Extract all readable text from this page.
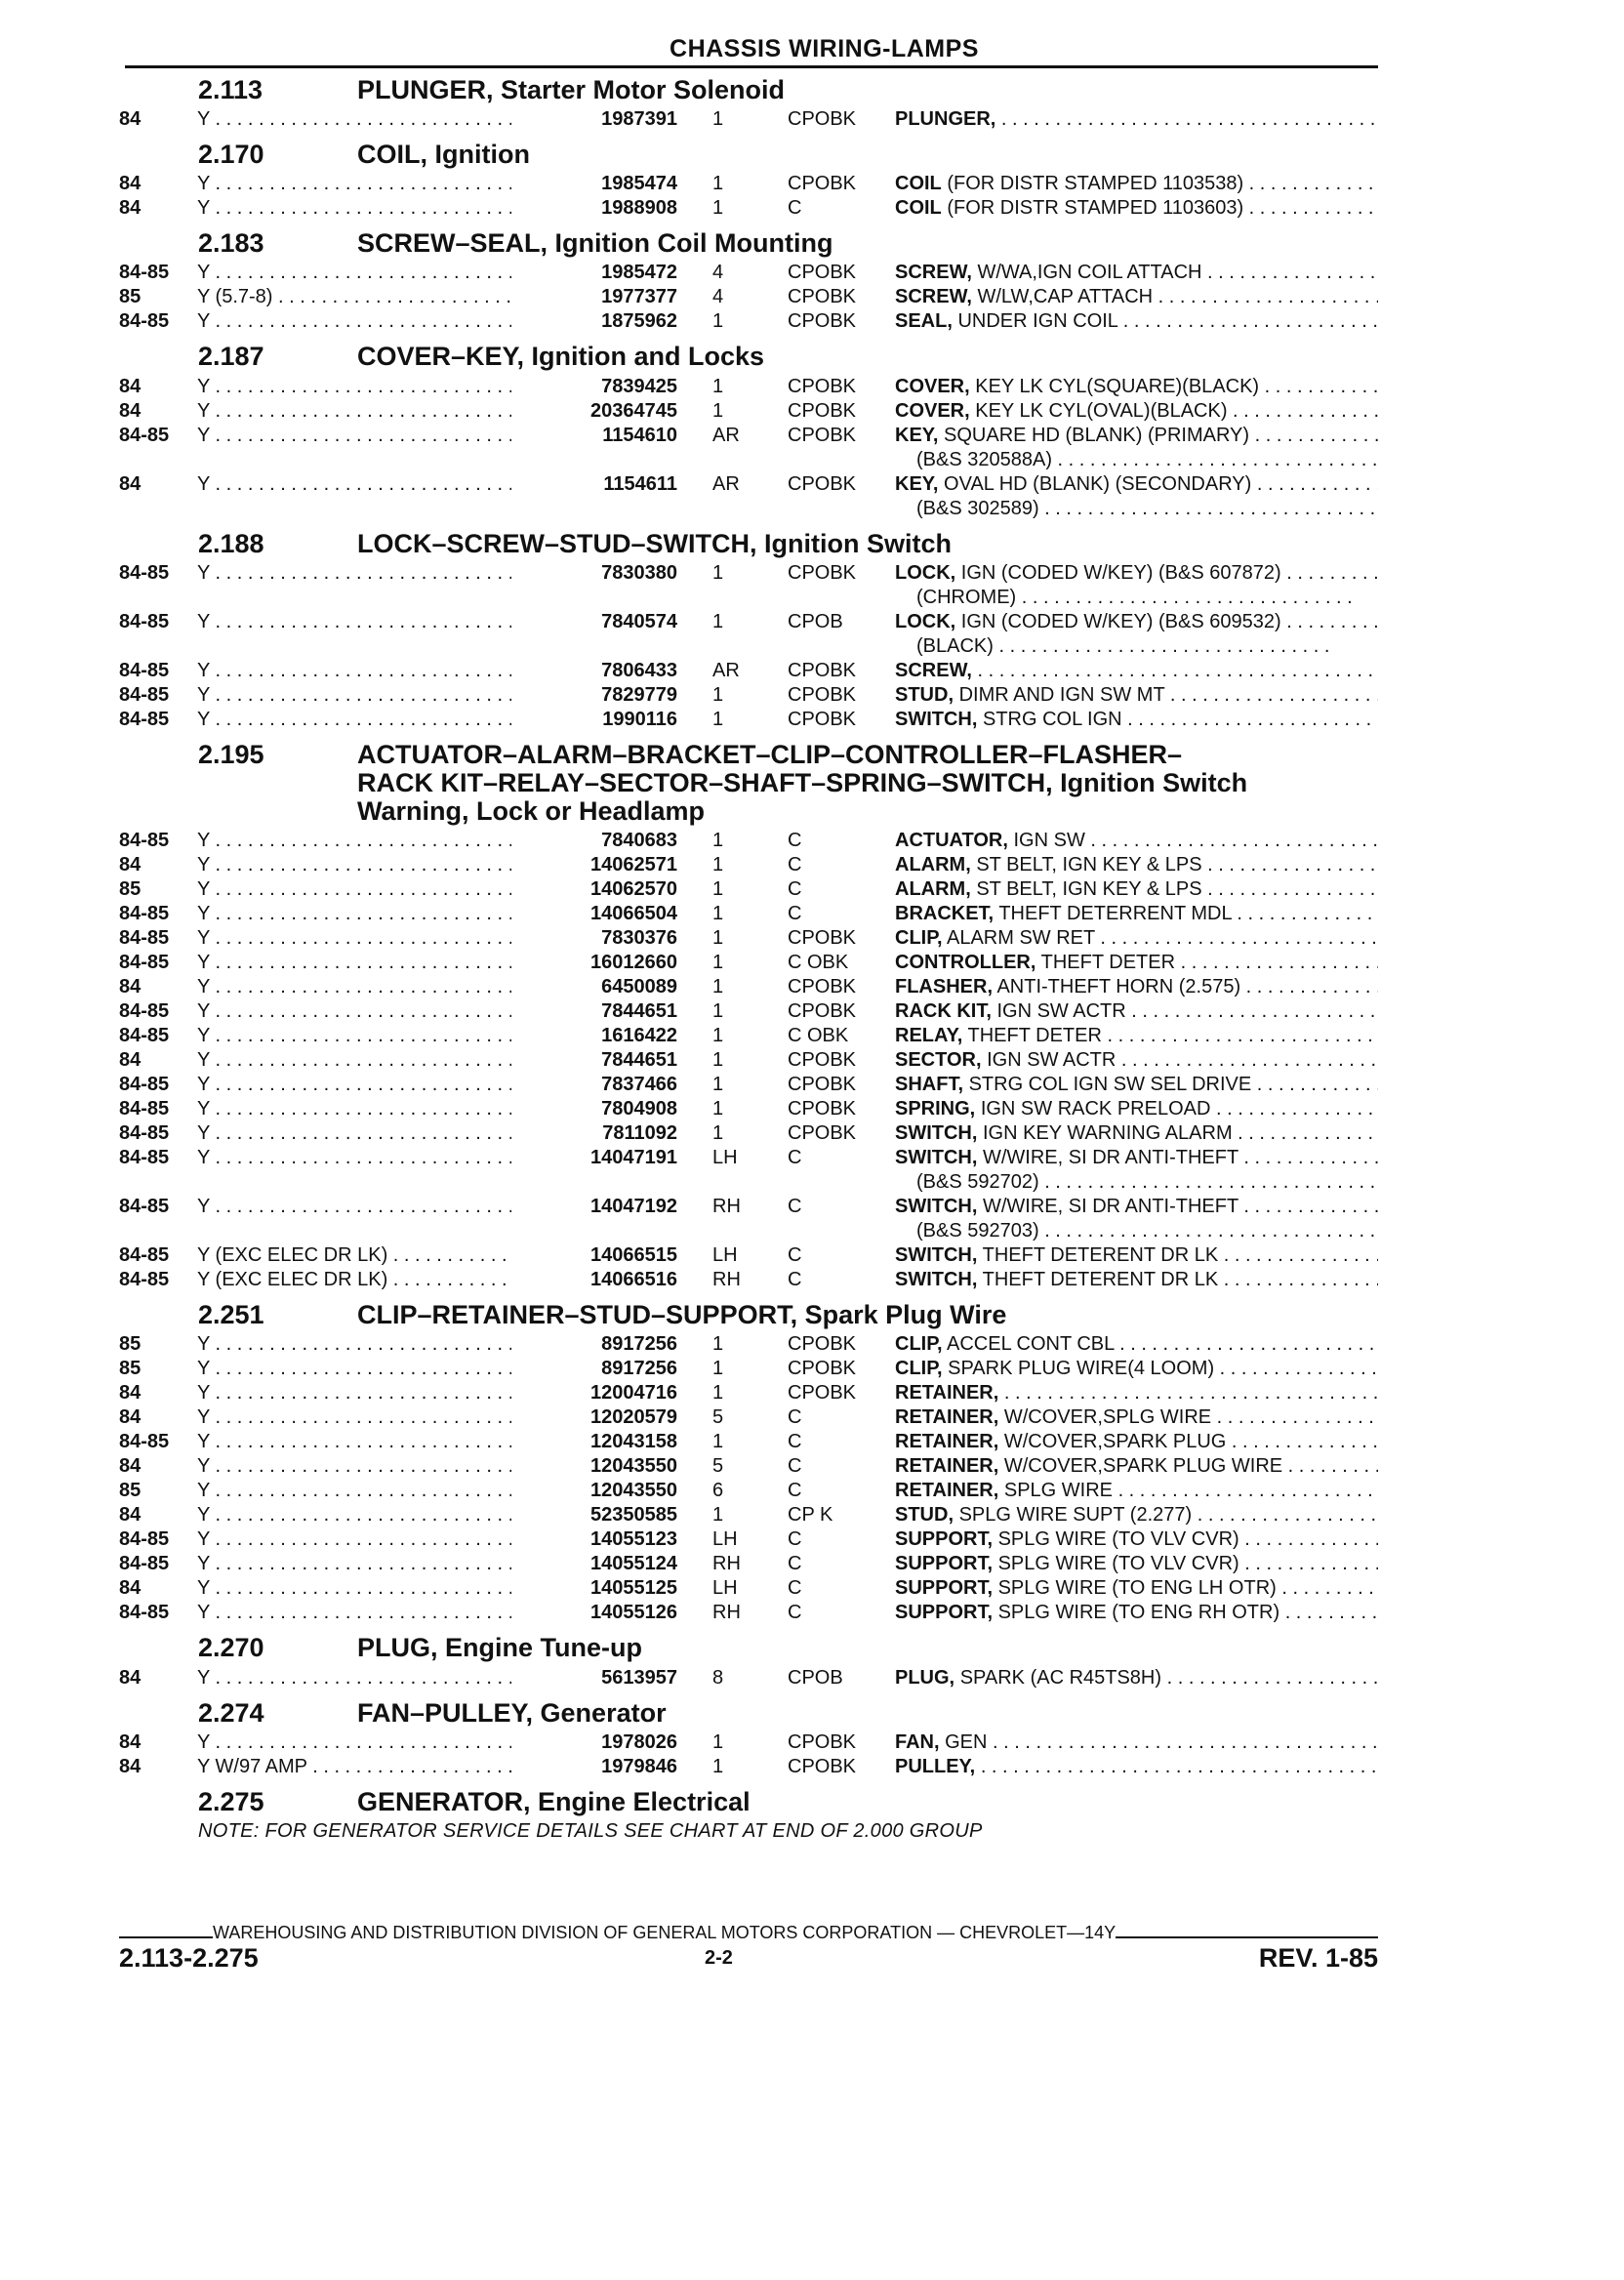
CHASSIS WIRING-LAMPS
2.113	PLUNGER, Starter Motor Solenoid
84	Y . . .	1987391 1	CPOBK	PLUNGER, . . .
2.170	COIL, Ignition
84	Y . . .	1985474 1	CPOBK	COIL (FOR DISTR STAMPED 1103538) . . .
84	Y . . .	1988908 1	C	COIL (FOR DISTR STAMPED 1103603) . . .
2.183	SCREW–SEAL, Ignition Coil Mounting
84-85	Y . . .	1985472 4	CPOBK	SCREW, W/WA,IGN COIL ATTACH . . .
85	Y (5.7-8) . . .	1977377 4	CPOBK	SCREW, W/LW,CAP ATTACH . . .
84-85	Y . . .	1875962 1	CPOBK	SEAL, UNDER IGN COIL . . .
2.187	COVER–KEY, Ignition and Locks
84	Y . . .	7839425 1	CPOBK	COVER, KEY LK CYL(SQUARE)(BLACK) . . .
84	Y . . .	20364745 1	CPOBK	COVER, KEY LK CYL(OVAL)(BLACK) . . .
84-85	Y . . .	1154610 AR	CPOBK	KEY, SQUARE HD (BLANK) (PRIMARY) . . .
(B&S 320588A) . . .
84	Y . . .	1154611 AR	CPOBK	KEY, OVAL HD (BLANK) (SECONDARY) . . .
(B&S 302589) . . .
2.188	LOCK–SCREW–STUD–SWITCH, Ignition Switch
84-85	Y . . .	7830380 1	CPOBK	LOCK, IGN (CODED W/KEY) (B&S 607872) . . .
(CHROME) . . .
84-85	Y . . .	7840574 1	CPOB	LOCK, IGN (CODED W/KEY) (B&S 609532) . . .
(BLACK) . . .
84-85	Y . . .	7806433 AR	CPOBK	SCREW, . . .
84-85	Y . . .	7829779 1	CPOBK	STUD, DIMR AND IGN SW MT . . .
84-85	Y . . .	1990116 1	CPOBK	SWITCH, STRG COL IGN . . .
2.195	ACTUATOR–ALARM–BRACKET–CLIP–CONTROLLER–FLASHER–
RACK KIT–RELAY–SECTOR–SHAFT–SPRING–SWITCH, Ignition Switch
Warning, Lock or Headlamp
84-85	Y . . .	7840683 1	C	ACTUATOR, IGN SW . . .
84	Y . . .	14062571 1	C	ALARM, ST BELT, IGN KEY & LPS . . .
85	Y . . .	14062570 1	C	ALARM, ST BELT, IGN KEY & LPS . . .
84-85	Y . . .	14066504 1	C	BRACKET, THEFT DETERRENT MDL . . .
84-85	Y . . .	7830376 1	CPOBK	CLIP, ALARM SW RET . . .
84-85	Y . . .	16012660 1	C OBK	CONTROLLER, THEFT DETER . . .
84	Y . . .	6450089 1	CPOBK	FLASHER, ANTI-THEFT HORN (2.575) . . .
84-85	Y . . .	7844651 1	CPOBK	RACK KIT, IGN SW ACTR . . .
84-85	Y . . .	1616422 1	C OBK	RELAY, THEFT DETER . . .
84	Y . . .	7844651 1	CPOBK	SECTOR, IGN SW ACTR . . .
84-85	Y . . .	7837466 1	CPOBK	SHAFT, STRG COL IGN SW SEL DRIVE . . .
84-85	Y . . .	7804908 1	CPOBK	SPRING, IGN SW RACK PRELOAD . . .
84-85	Y . . .	7811092 1	CPOBK	SWITCH, IGN KEY WARNING ALARM . . .
84-85	Y . . .	14047191 LH	C	SWITCH, W/WIRE, SI DR ANTI-THEFT . . .
(B&S 592702) . . .
84-85	Y . . .	14047192 RH	C	SWITCH, W/WIRE, SI DR ANTI-THEFT . . .
(B&S 592703) . . .
84-85	Y (EXC ELEC DR LK) . . .	14066515 LH	C	SWITCH, THEFT DETERENT DR LK . . .
84-85	Y (EXC ELEC DR LK) . . .	14066516 RH	C	SWITCH, THEFT DETERENT DR LK . . .
2.251	CLIP–RETAINER–STUD–SUPPORT, Spark Plug Wire
85	Y . . .	8917256 1	CPOBK	CLIP, ACCEL CONT CBL . . .
85	Y . . .	8917256 1	CPOBK	CLIP, SPARK PLUG WIRE(4 LOOM) . . .
84	Y . . .	12004716 1	CPOBK	RETAINER, . . .
84	Y . . .	12020579 5	C	RETAINER, W/COVER,SPLG WIRE . . .
84-85	Y . . .	12043158 1	C	RETAINER, W/COVER,SPARK PLUG . . .
84	Y . . .	12043550 5	C	RETAINER, W/COVER,SPARK PLUG WIRE . . .
85	Y . . .	12043550 6	C	RETAINER, SPLG WIRE . . .
84	Y . . .	52350585 1	CP K	STUD, SPLG WIRE SUPT (2.277) . . .
84-85	Y . . .	14055123 LH	C	SUPPORT, SPLG WIRE (TO VLV CVR) . . .
84-85	Y . . .	14055124 RH	C	SUPPORT, SPLG WIRE (TO VLV CVR) . . .
84	Y . . .	14055125 LH	C	SUPPORT, SPLG WIRE (TO ENG LH OTR) . . .
84-85	Y . . .	14055126 RH	C	SUPPORT, SPLG WIRE (TO ENG RH OTR) . . .
2.270	PLUG, Engine Tune-up
84	Y . . .	5613957 8	CPOB	PLUG, SPARK (AC R45TS8H) . . .
2.274	FAN–PULLEY, Generator
84	Y . . .	1978026 1	CPOBK	FAN, GEN . . .
84	Y W/97 AMP . . .	1979846 1	CPOBK	PULLEY, . . .
2.275	GENERATOR, Engine Electrical
NOTE: FOR GENERATOR SERVICE DETAILS SEE CHART AT END OF 2.000 GROUP
WAREHOUSING AND DISTRIBUTION DIVISION OF GENERAL MOTORS CORPORATION — CHEVROLET—14Y
2.113-2.275	2-2	REV. 1-85
